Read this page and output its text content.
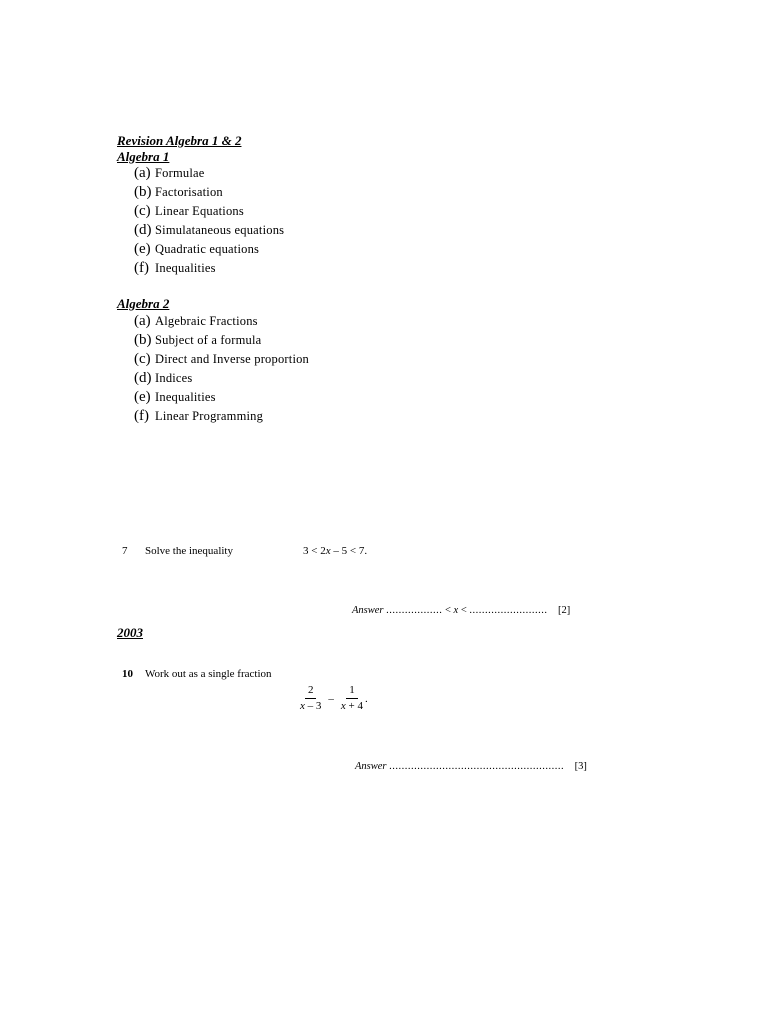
Revision Algebra 1 & 2
Algebra 1
(a) Formulae
(b) Factorisation
(c) Linear Equations
(d) Simulataneous equations
(e) Quadratic equations
(f) Inequalities
Algebra 2
(a) Algebraic Fractions
(b) Subject of a formula
(c) Direct and Inverse proportion
(d) Indices
(e) Inequalities
(f) Linear Programming
7 Solve the inequality	3 < 2x – 5 < 7.
Answer .................. < x < ......................... [2]
2003
10 Work out as a single fraction
$\frac{2}{x - 3} - \frac{1}{x + 4}$ .
Answer ........................................................ [3]
